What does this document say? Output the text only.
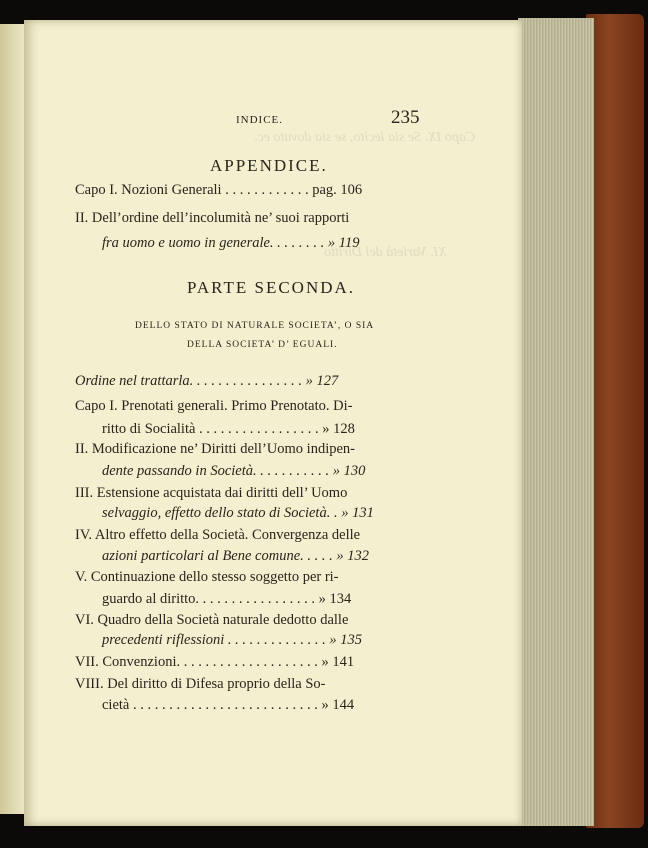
Capo IX. Se sia lecito, se sia dovuto ec.
XI. Varietà del Diritto
INDICE.	235
APPENDICE.
Capo I. Nozioni Generali . . . . . . . . . . . . pag. 106
II. Dell’ordine dell’incolumità ne’ suoi rapporti
fra uomo e uomo in generale. . . . . . . . » 119
PARTE SECONDA.
DELLO STATO DI NATURALE SOCIETA’, O SIA
DELLA SOCIETA’ D’ EGUALI.
Ordine nel trattarla. . . . . . . . . . . . . . . . » 127
Capo I. Prenotati generali. Primo Prenotato. Di-
ritto di Socialità . . . . . . . . . . . . . . . . . » 128
II. Modificazione ne’ Diritti dell’Uomo indipen-
dente passando in Società. . . . . . . . . . . » 130
III. Estensione acquistata dai diritti dell’ Uomo
selvaggio, effetto dello stato di Società. . » 131
IV. Altro effetto della Società. Convergenza delle
azioni particolari al Bene comune. . . . . » 132
V. Continuazione dello stesso soggetto per ri-
guardo al diritto. . . . . . . . . . . . . . . . . » 134
VI. Quadro della Società naturale dedotto dalle
precedenti riflessioni . . . . . . . . . . . . . . » 135
VII. Convenzioni. . . . . . . . . . . . . . . . . . . . » 141
VIII. Del diritto di Difesa proprio della So-
cietà . . . . . . . . . . . . . . . . . . . . . . . . . . » 144
